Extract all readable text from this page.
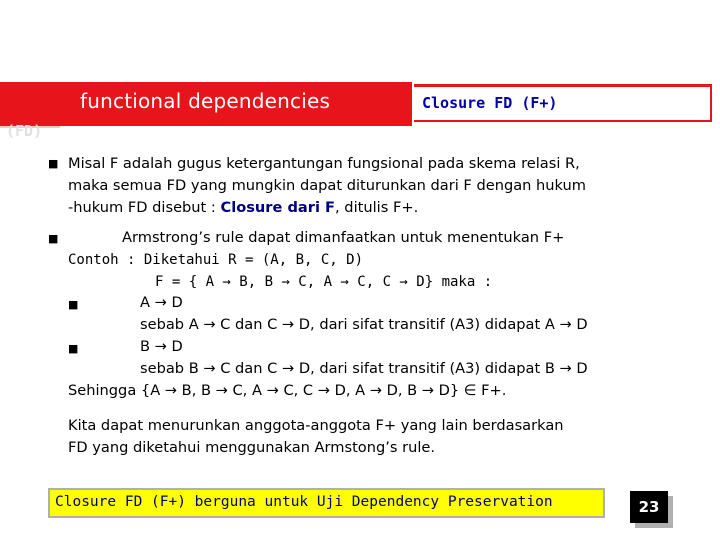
functional dependencies	Closure FD (F+)
(FD)
■ Misal F adalah gugus ketergantungan fungsional pada skema relasi R,
maka semua FD yang mungkin dapat diturunkan dari F dengan hukum
-hukum FD disebut : Closure dari F, ditulis F+.
■	Armstrong’s rule dapat dimanfaatkan untuk menentukan F+
Contoh : Diketahui R = (A, B, C, D)
F = { A → B, B → C, A → C, C → D} maka :
■	A → D
sebab A → C dan C → D, dari sifat transitif (A3) didapat A → D
■	B → D
sebab B → C dan C → D, dari sifat transitif (A3) didapat B → D
Sehingga {A → B, B → C, A → C, C → D, A → D, B → D} ∈ F+.
Kita dapat menurunkan anggota-anggota F+ yang lain berdasarkan
FD yang diketahui menggunakan Armstong’s rule.
Closure FD (F+) berguna untuk Uji Dependency Preservation	23
